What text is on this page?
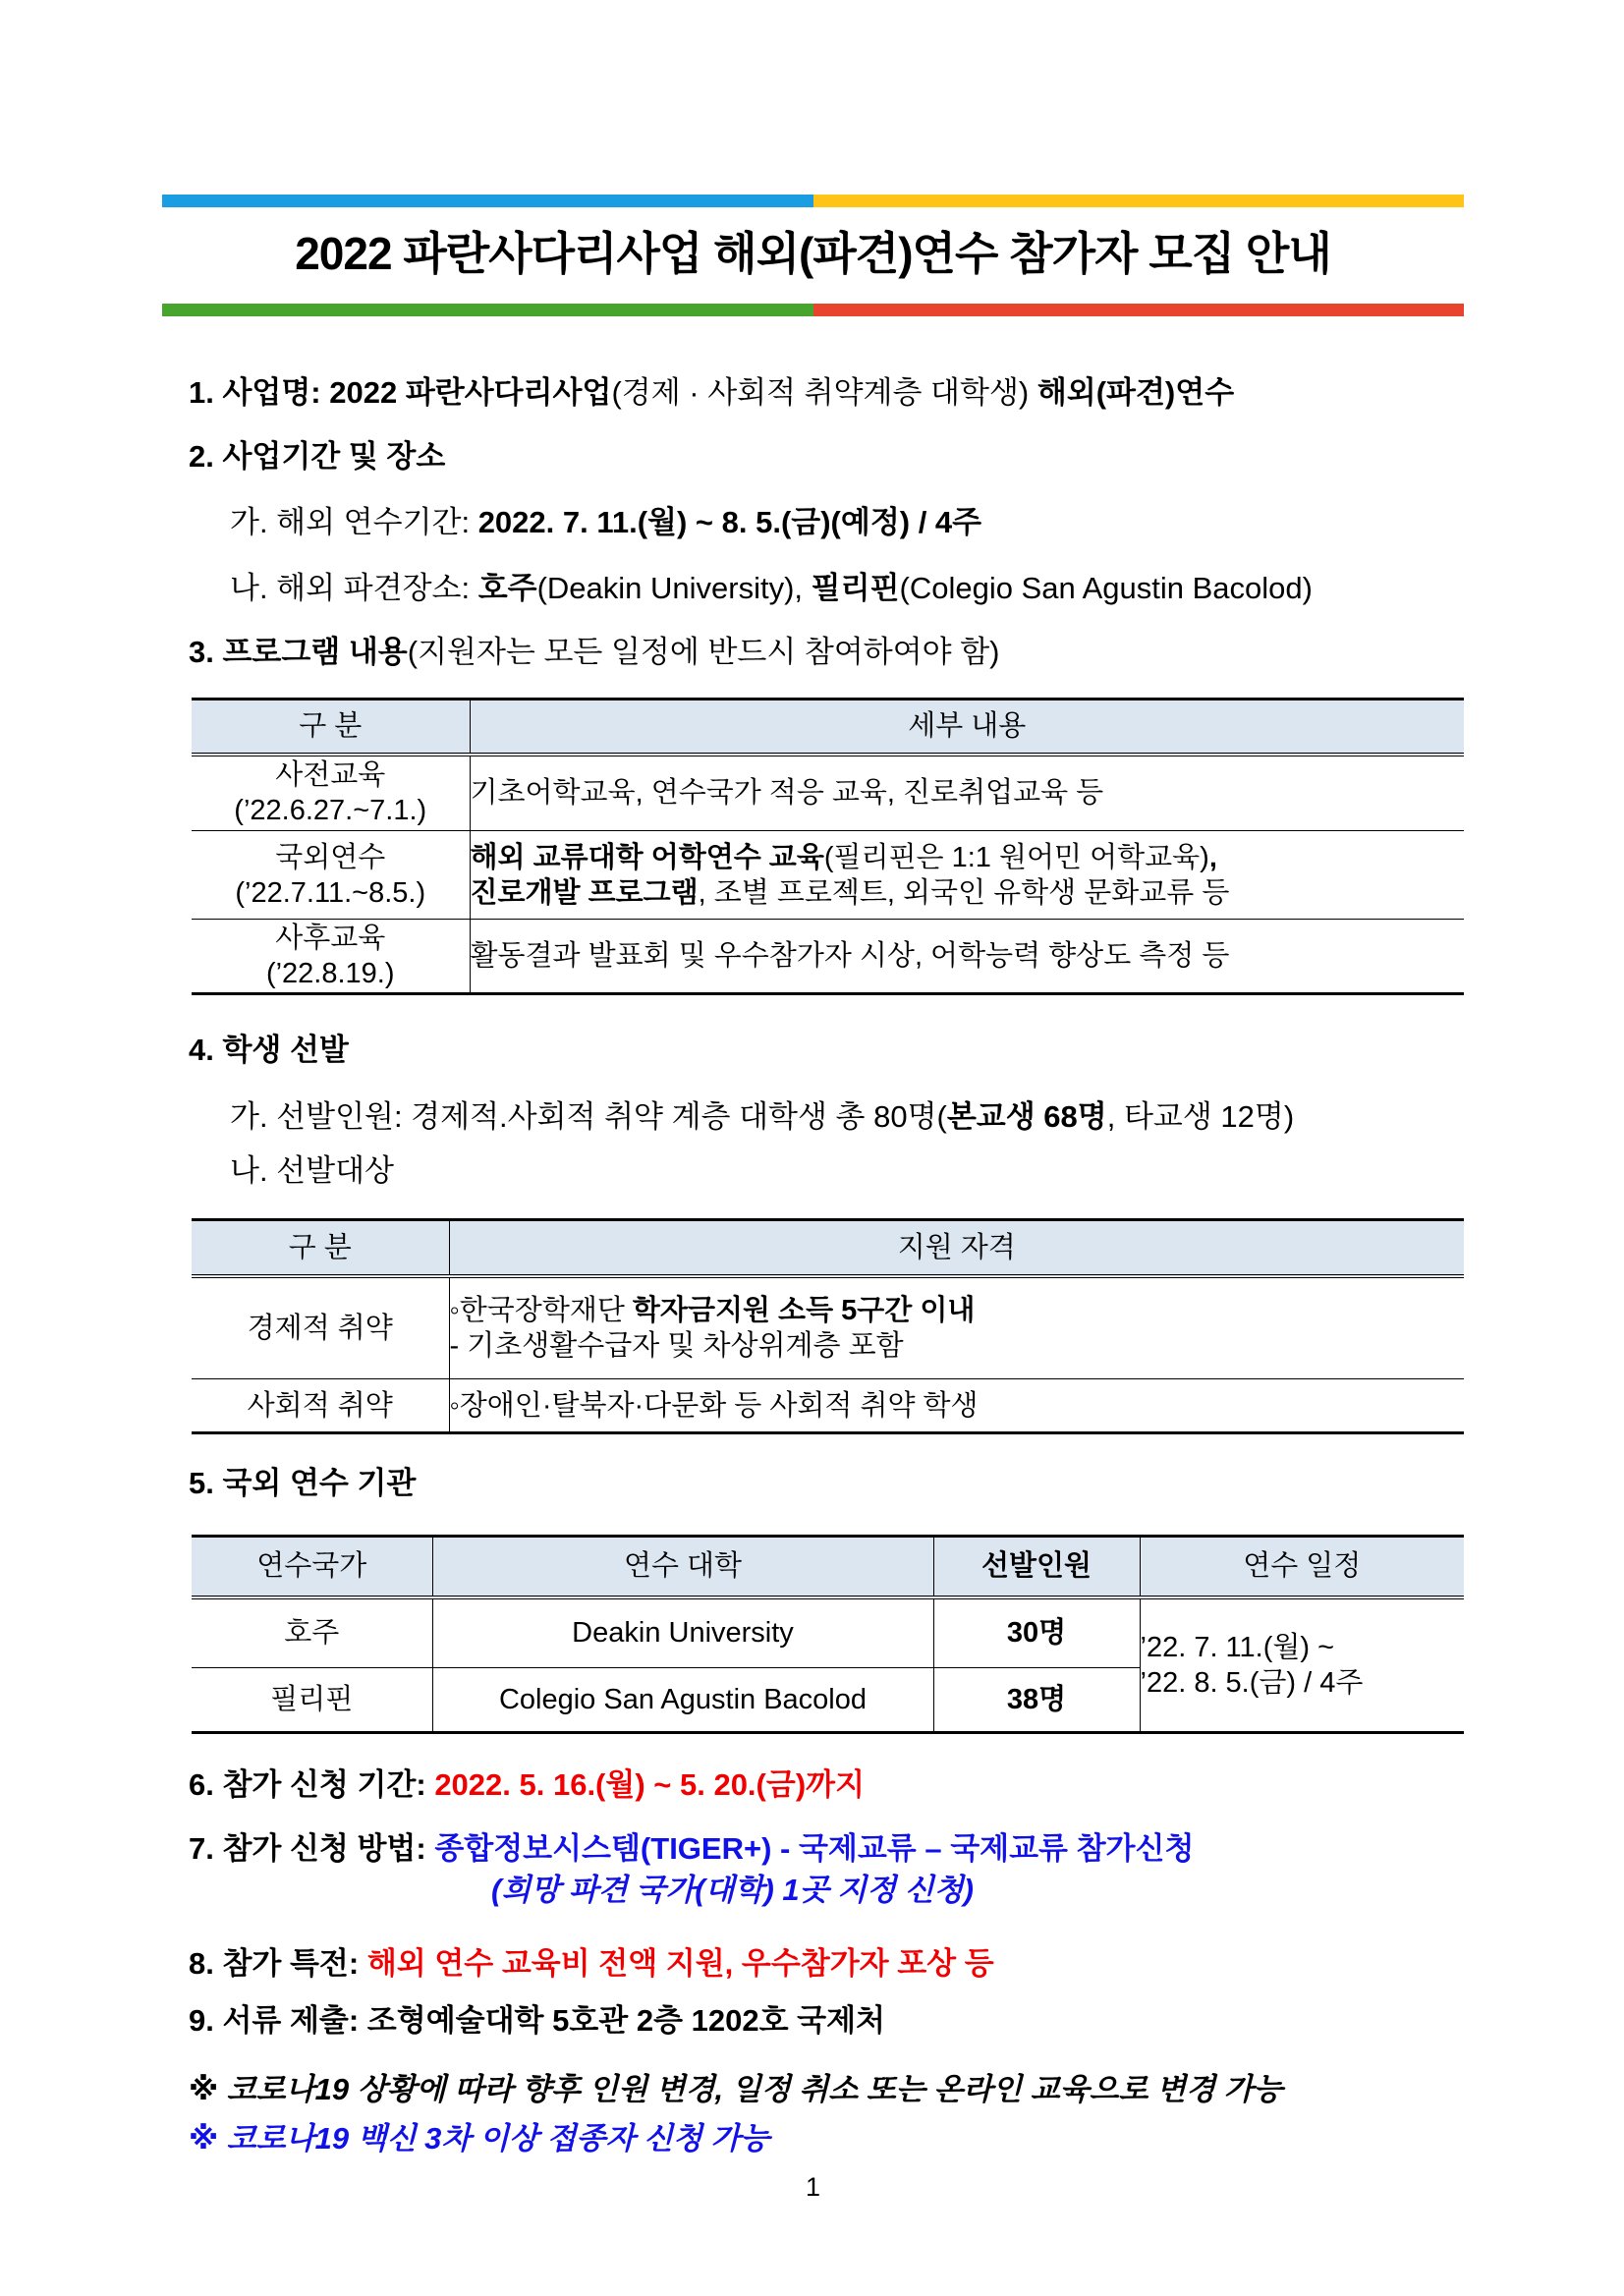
2022 파란사다리사업 해외(파견)연수 참가자 모집 안내
1. 사업명: 2022 파란사다리사업(경제 · 사회적 취약계층 대학생) 해외(파견)연수
2. 사업기간 및 장소
가. 해외 연수기간: 2022. 7. 11.(월) ~ 8. 5.(금)(예정) / 4주
나. 해외 파견장소: 호주(Deakin University), 필리핀(Colegio San Agustin Bacolod)
3. 프로그램 내용(지원자는 모든 일정에 반드시 참여하여야 함)
구 분	세부 내용
사전교육
(’22.6.27.~7.1.)	기초어학교육, 연수국가 적응 교육, 진로취업교육 등
국외연수
(’22.7.11.~8.5.)	해외 교류대학 어학연수 교육(필리핀은 1:1 원어민 어학교육),
진로개발 프로그램, 조별 프로젝트, 외국인 유학생 문화교류 등
사후교육
(’22.8.19.)	활동결과 발표회 및 우수참가자 시상, 어학능력 향상도 측정 등
4. 학생 선발
가. 선발인원: 경제적.사회적 취약 계층 대학생 총 80명(본교생 68명, 타교생 12명)
나. 선발대상
구 분	지원 자격
경제적 취약	◦한국장학재단 학자금지원 소득 5구간 이내
- 기초생활수급자 및 차상위계층 포함
사회적 취약	◦장애인·탈북자·다문화 등 사회적 취약 학생
5. 국외 연수 기관
연수국가	연수 대학	선발인원	연수 일정
호주	Deakin University	30명	’22. 7. 11.(월) ~
’22. 8. 5.(금) / 4주
필리핀	Colegio San Agustin Bacolod	38명	
6. 참가 신청 기간: 2022. 5. 16.(월) ~ 5. 20.(금)까지
7. 참가 신청 방법: 종합정보시스템(TIGER+) - 국제교류 – 국제교류 참가신청
(희망 파견 국가(대학) 1곳 지정 신청)
8. 참가 특전: 해외 연수 교육비 전액 지원, 우수참가자 포상 등
9. 서류 제출: 조형예술대학 5호관 2층 1202호 국제처
※ 코로나19 상황에 따라 향후 인원 변경, 일정 취소 또는 온라인 교육으로 변경 가능
※ 코로나19 백신 3차 이상 접종자 신청 가능
1
